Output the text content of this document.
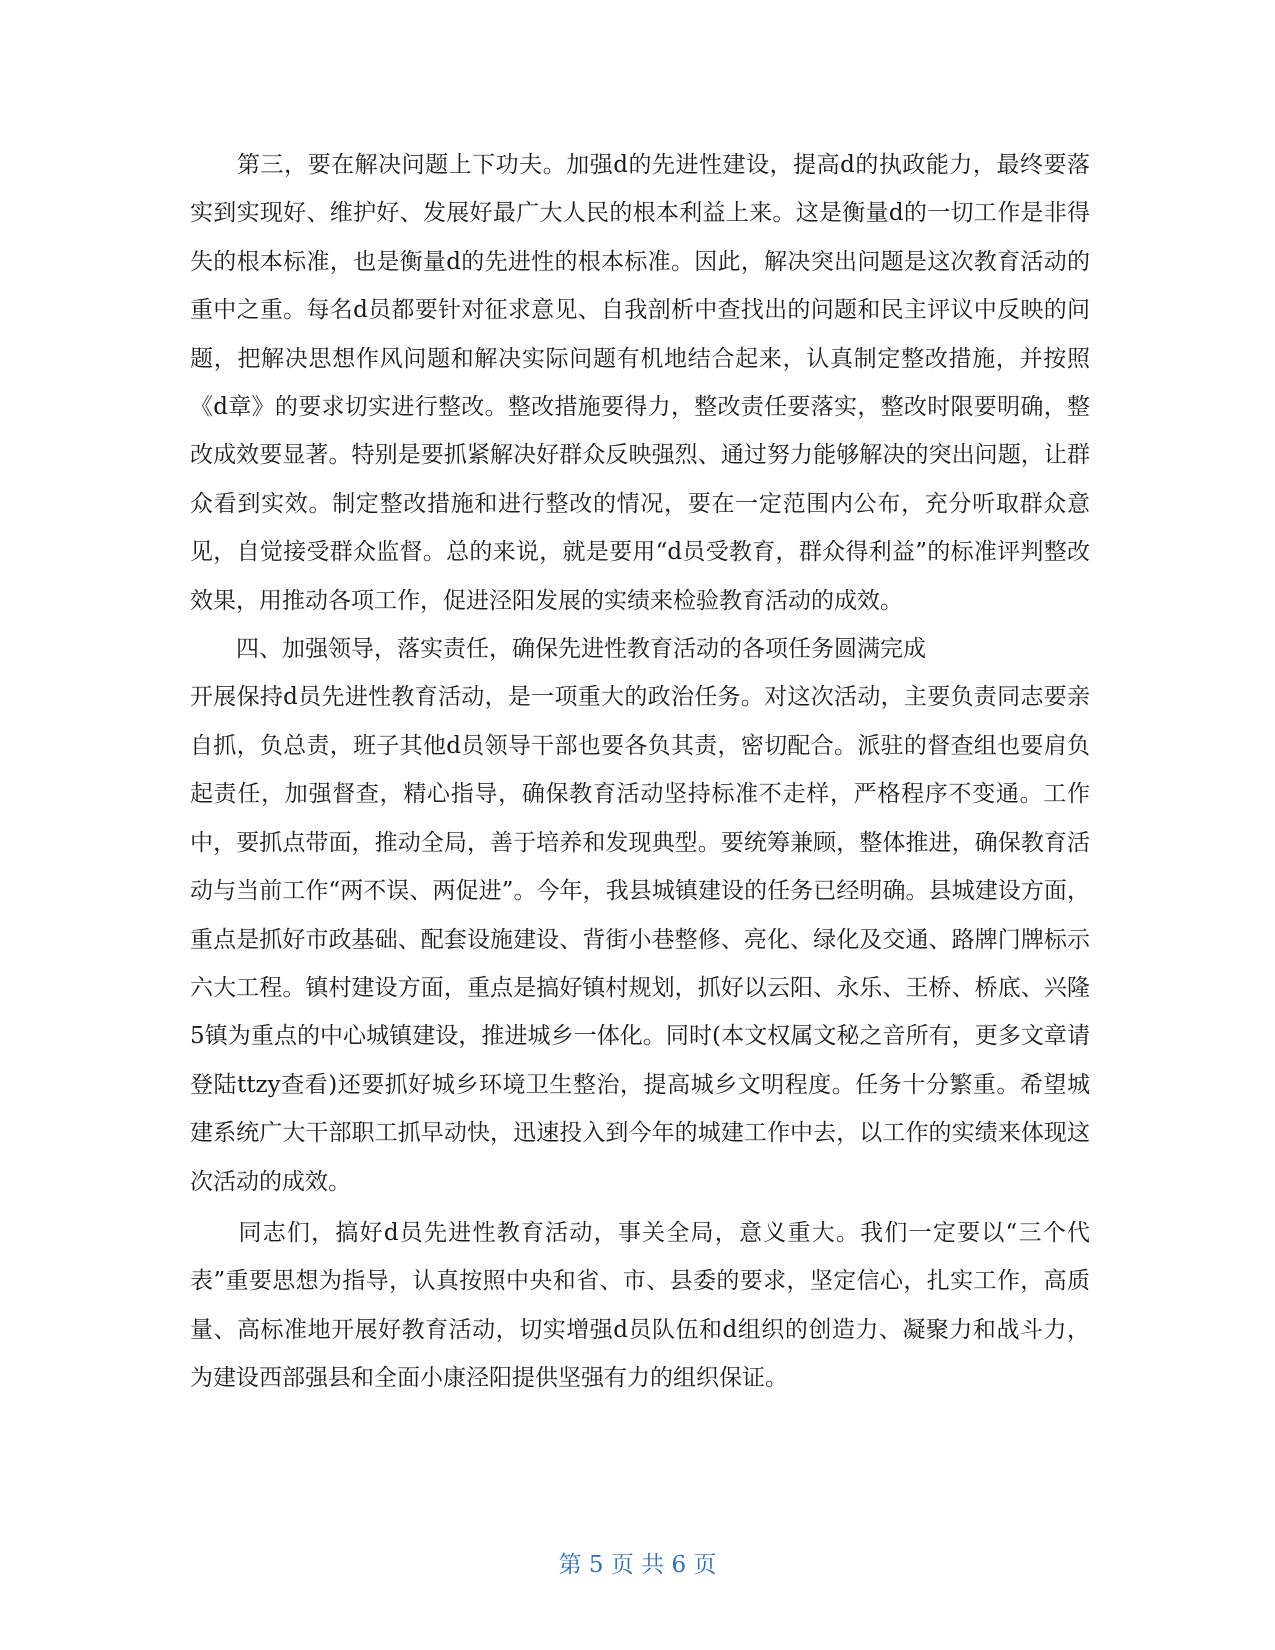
　　第三，要在解决问题上下功夫。加强d的先进性建设，提高d的执政能力，最终要落实到实现好、维护好、发展好最广大人民的根本利益上来。这是衡量d的一切工作是非得失的根本标准，也是衡量d的先进性的根本标准。因此，解决突出问题是这次教育活动的重中之重。每名d员都要针对征求意见、自我剖析中查找出的问题和民主评议中反映的问题，把解决思想作风问题和解决实际问题有机地结合起来，认真制定整改措施，并按照《d章》的要求切实进行整改。整改措施要得力，整改责任要落实，整改时限要明确，整改成效要显著。特别是要抓紧解决好群众反映强烈、通过努力能够解决的突出问题，让群众看到实效。制定整改措施和进行整改的情况，要在一定范围内公布，充分听取群众意见，自觉接受群众监督。总的来说，就是要用“d员受教育，群众得利益”的标准评判整改效果，用推动各项工作，促进泾阳发展的实绩来检验教育活动的成效。

　　四、加强领导，落实责任，确保先进性教育活动的各项任务圆满完成

开展保持d员先进性教育活动，是一项重大的政治任务。对这次活动，主要负责同志要亲自抓，负总责，班子其他d员领导干部也要各负其责，密切配合。派驻的督查组也要肩负起责任，加强督查，精心指导，确保教育活动坚持标准不走样，严格程序不变通。工作中，要抓点带面，推动全局，善于培养和发现典型。要统筹兼顾，整体推进，确保教育活动与当前工作“两不误、两促进”。今年，我县城镇建设的任务已经明确。县城建设方面，重点是抓好市政基础、配套设施建设、背街小巷整修、亮化、绿化及交通、路牌门牌标示六大工程。镇村建设方面，重点是搞好镇村规划，抓好以云阳、永乐、王桥、桥底、兴隆5镇为重点的中心城镇建设，推进城乡一体化。同时(本文权属文秘之音所有，更多文章请登陆ttzy查看)还要抓好城乡环境卫生整治，提高城乡文明程度。任务十分繁重。希望城建系统广大干部职工抓早动快，迅速投入到今年的城建工作中去，以工作的实绩来体现这次活动的成效。

　　同志们，搞好d员先进性教育活动，事关全局，意义重大。我们一定要以“三个代表”重要思想为指导，认真按照中央和省、市、县委的要求，坚定信心，扎实工作，高质量、高标准地开展好教育活动，切实增强d员队伍和d组织的创造力、凝聚力和战斗力，为建设西部强县和全面小康泾阳提供坚强有力的组织保证。

第 5 页 共 6 页
